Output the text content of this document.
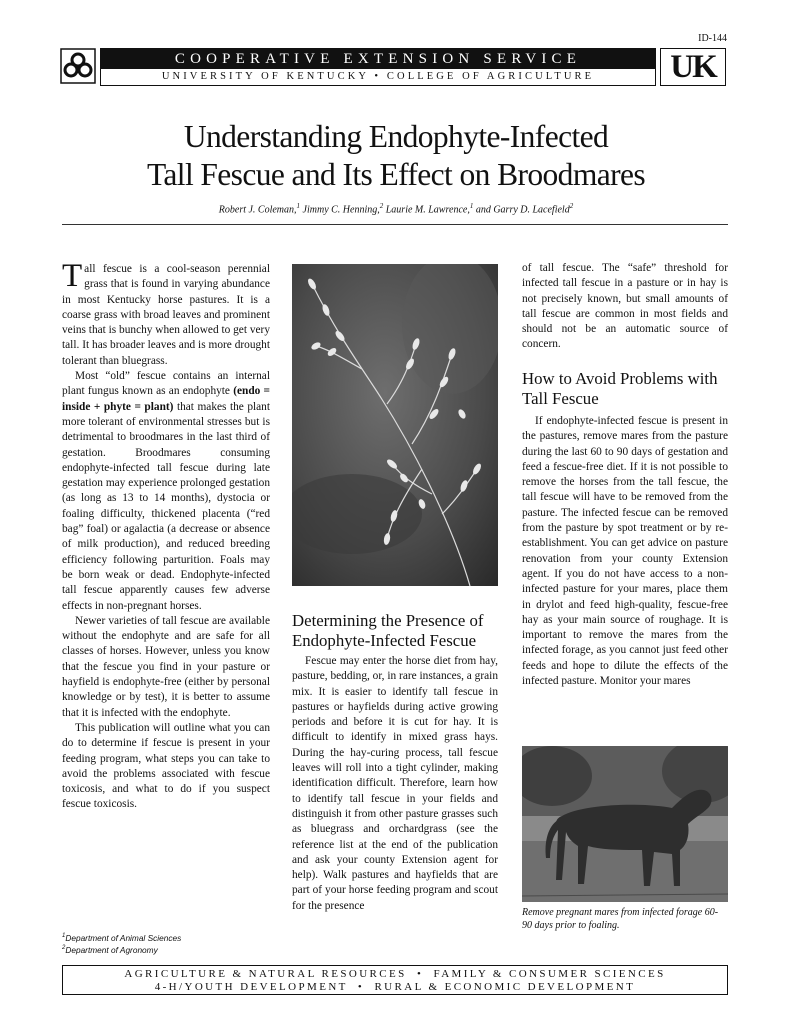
ID-144
COOPERATIVE EXTENSION SERVICE
UNIVERSITY OF KENTUCKY • COLLEGE OF AGRICULTURE	UK
Understanding Endophyte-Infected
Tall Fescue and Its Effect on Broodmares
Robert J. Coleman,$^1$ Jimmy C. Henning,$^2$ Laurie M. Lawrence,$^1$ and Garry D. Lacefield$^2$

Tall fescue is a cool-season perennial grass that is found in varying abundance in most Kentucky horse pastures. It is a coarse grass with broad leaves and prominent veins that is bunchy when allowed to get very tall. It has broader leaves and is more drought tolerant than bluegrass.

Most “old” fescue contains an internal plant fungus known as an endophyte (endo = inside + phyte = plant) that makes the plant more tolerant of environmental stresses but is detrimental to broodmares in the last third of gestation. Broodmares consuming endophyte-infected tall fescue during late gestation may experience prolonged gestation (as long as 13 to 14 months), dystocia or foaling difficulty, thickened placenta (“red bag” foal) or agalactia (a decrease or absence of milk production), and reduced breeding efficiency following parturition. Foals may be born weak or dead. Endophyte-infected tall fescue apparently causes few adverse effects in non-pregnant horses.

Newer varieties of tall fescue are available without the endophyte and are safe for all classes of horses. However, unless you know that the fescue you find in your pasture or hayfield is endophyte-free (either by personal knowledge or by test), it is better to assume that it is infected with the endophyte.

This publication will outline what you can do to determine if fescue is present in your feeding program, what steps you can take to avoid the problems associated with fescue toxicosis, and what to do if you suspect fescue toxicosis.

Determining the Presence of Endophyte-Infected Fescue

Fescue may enter the horse diet from hay, pasture, bedding, or, in rare instances, a grain mix. It is easier to identify tall fescue in pastures or hayfields during active growing periods and before it is cut for hay. It is difficult to identify in mixed grass hays. During the hay-curing process, tall fescue leaves will roll into a tight cylinder, making identification difficult. Therefore, learn how to identify tall fescue in your fields and distinguish it from other pasture grasses such as bluegrass and orchardgrass (see the reference list at the end of the publication and ask your county Extension agent for help). Walk pastures and hayfields that are part of your horse feeding program and scout for the presence

of tall fescue. The “safe” threshold for infected tall fescue in a pasture or in hay is not precisely known, but small amounts of tall fescue are common in most fields and should not be an automatic source of concern.

How to Avoid Problems with Tall Fescue

If endophyte-infected fescue is present in the pastures, remove mares from the pasture during the last 60 to 90 days of gestation and feed a fescue-free diet. If it is not possible to remove the horses from the tall fescue, the tall fescue will have to be removed from the pasture. The infected fescue can be removed from the pasture by spot treatment or by re-establishment. You can get advice on pasture renovation from your county Extension agent. If you do not have access to a non-infected pasture for your mares, place them in drylot and feed high-quality, fescue-free hay as your main source of roughage. It is important to remove the mares from the infected forage, as you cannot just feed other feeds and hope to dilute the effects of the infected pasture. Monitor your mares

Remove pregnant mares from infected forage 60-90 days prior to foaling.
$^1$Department of Animal Sciences
$^2$Department of Agronomy
AGRICULTURE & NATURAL RESOURCES  •  FAMILY & CONSUMER SCIENCES
4-H/YOUTH DEVELOPMENT  •  RURAL & ECONOMIC DEVELOPMENT
